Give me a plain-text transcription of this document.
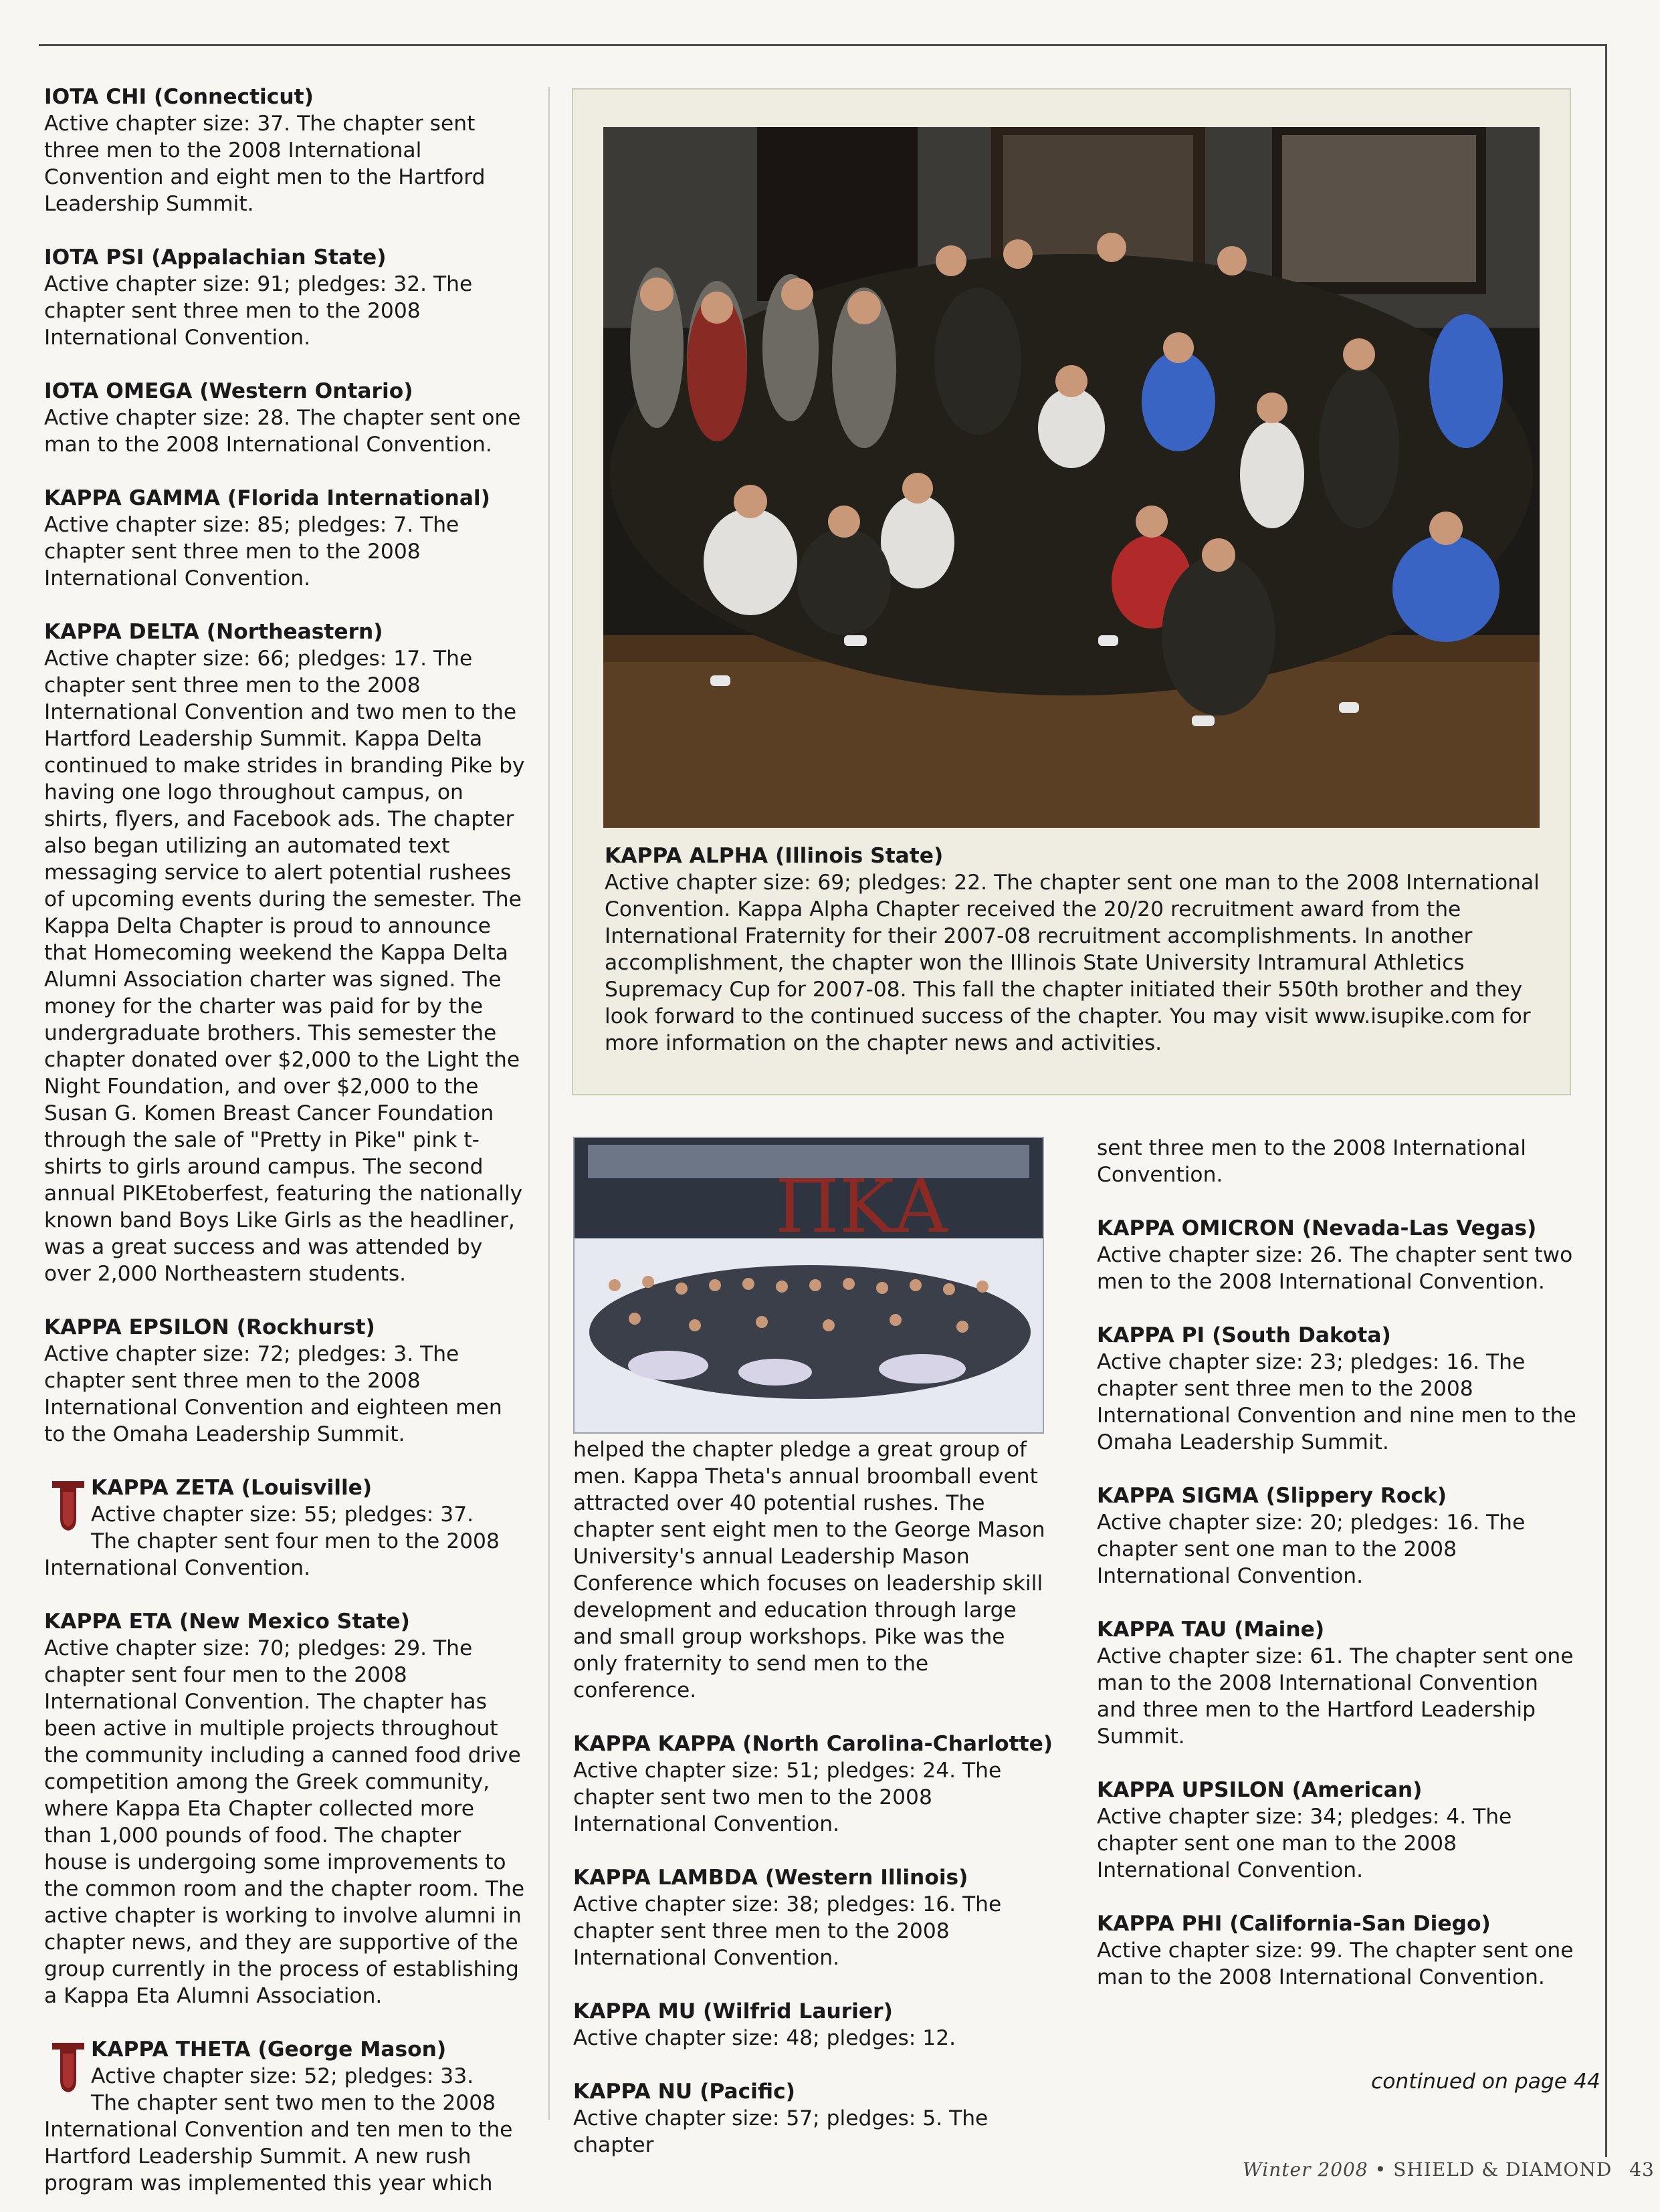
IOTA CHI (Connecticut)

Active chapter size: 37. The chapter sent three men to the 2008 International Convention and eight men to the Hartford Leadership Summit.

IOTA PSI (Appalachian State)

Active chapter size: 91; pledges: 32. The chapter sent three men to the 2008 International Convention.

IOTA OMEGA (Western Ontario)

Active chapter size: 28. The chapter sent one man to the 2008 International Convention.

KAPPA GAMMA (Florida International)

Active chapter size: 85; pledges: 7. The chapter sent three men to the 2008 International Convention.

KAPPA DELTA (Northeastern)

Active chapter size: 66; pledges: 17. The chapter sent three men to the 2008 International Convention and two men to the Hartford Leadership Summit. Kappa Delta continued to make strides in branding Pike by having one logo throughout campus, on shirts, flyers, and Facebook ads. The chapter also began utilizing an automated text messaging service to alert potential rushees of upcoming events during the semester. The Kappa Delta Chapter is proud to announce that Homecoming weekend the Kappa Delta Alumni Association charter was signed. The money for the charter was paid for by the undergraduate brothers. This semester the chapter donated over $2,000 to the Light the Night Foundation, and over $2,000 to the Susan G. Komen Breast Cancer Foundation through the sale of "Pretty in Pike" pink t-shirts to girls around campus. The second annual PIKEtoberfest, featuring the nationally known band Boys Like Girls as the headliner, was a great success and was attended by over 2,000 Northeastern students.

KAPPA EPSILON (Rockhurst)

Active chapter size: 72; pledges: 3. The chapter sent three men to the 2008 International Convention and eighteen men to the Omaha Leadership Summit.

KAPPA ZETA (Louisville)

Active chapter size: 55; pledges: 37.

The chapter sent four men to the 2008 International Convention.

KAPPA ETA (New Mexico State)

Active chapter size: 70; pledges: 29. The chapter sent four men to the 2008 International Convention. The chapter has been active in multiple projects throughout the community including a canned food drive competition among the Greek community, where Kappa Eta Chapter collected more than 1,000 pounds of food. The chapter house is undergoing some improvements to the common room and the chapter room. The active chapter is working to involve alumni in chapter news, and they are supportive of the group currently in the process of establishing a Kappa Eta Alumni Association.

KAPPA THETA (George Mason)

Active chapter size: 52; pledges: 33.

The chapter sent two men to the 2008 International Convention and ten men to the Hartford Leadership Summit. A new rush program was implemented this year which

KAPPA ALPHA (Illinois State)

Active chapter size: 69; pledges: 22. The chapter sent one man to the 2008 International Convention. Kappa Alpha Chapter received the 20/20 recruitment award from the International Fraternity for their 2007-08 recruitment accomplishments. In another accomplishment, the chapter won the Illinois State University Intramural Athletics Supremacy Cup for 2007-08. This fall the chapter initiated their 550th brother and they look forward to the continued success of the chapter. You may visit www.isupike.com for more information on the chapter news and activities.

ΠΚΑ

helped the chapter pledge a great group of men. Kappa Theta's annual broomball event attracted over 40 potential rushes. The chapter sent eight men to the George Mason University's annual Leadership Mason Conference which focuses on leadership skill development and education through large and small group workshops. Pike was the only fraternity to send men to the conference.

KAPPA KAPPA (North Carolina-Charlotte)

Active chapter size: 51; pledges: 24. The chapter sent two men to the 2008 International Convention.

KAPPA LAMBDA (Western Illinois)

Active chapter size: 38; pledges: 16. The chapter sent three men to the 2008 International Convention.

KAPPA MU (Wilfrid Laurier)

Active chapter size: 48; pledges: 12.

KAPPA NU (Pacific)

Active chapter size: 57; pledges: 5. The chapter

sent three men to the 2008 International Convention.

KAPPA OMICRON (Nevada-Las Vegas)

Active chapter size: 26. The chapter sent two men to the 2008 International Convention.

KAPPA PI (South Dakota)

Active chapter size: 23; pledges: 16. The chapter sent three men to the 2008 International Convention and nine men to the Omaha Leadership Summit.

KAPPA SIGMA (Slippery Rock)

Active chapter size: 20; pledges: 16. The chapter sent one man to the 2008 International Convention.

KAPPA TAU (Maine)

Active chapter size: 61. The chapter sent one man to the 2008 International Convention and three men to the Hartford Leadership Summit.

KAPPA UPSILON (American)

Active chapter size: 34; pledges: 4. The chapter sent one man to the 2008 International Convention.

KAPPA PHI (California-San Diego)

Active chapter size: 99. The chapter sent one man to the 2008 International Convention.

continued on page 44
Winter 2008 • SHIELD & DIAMOND 43
